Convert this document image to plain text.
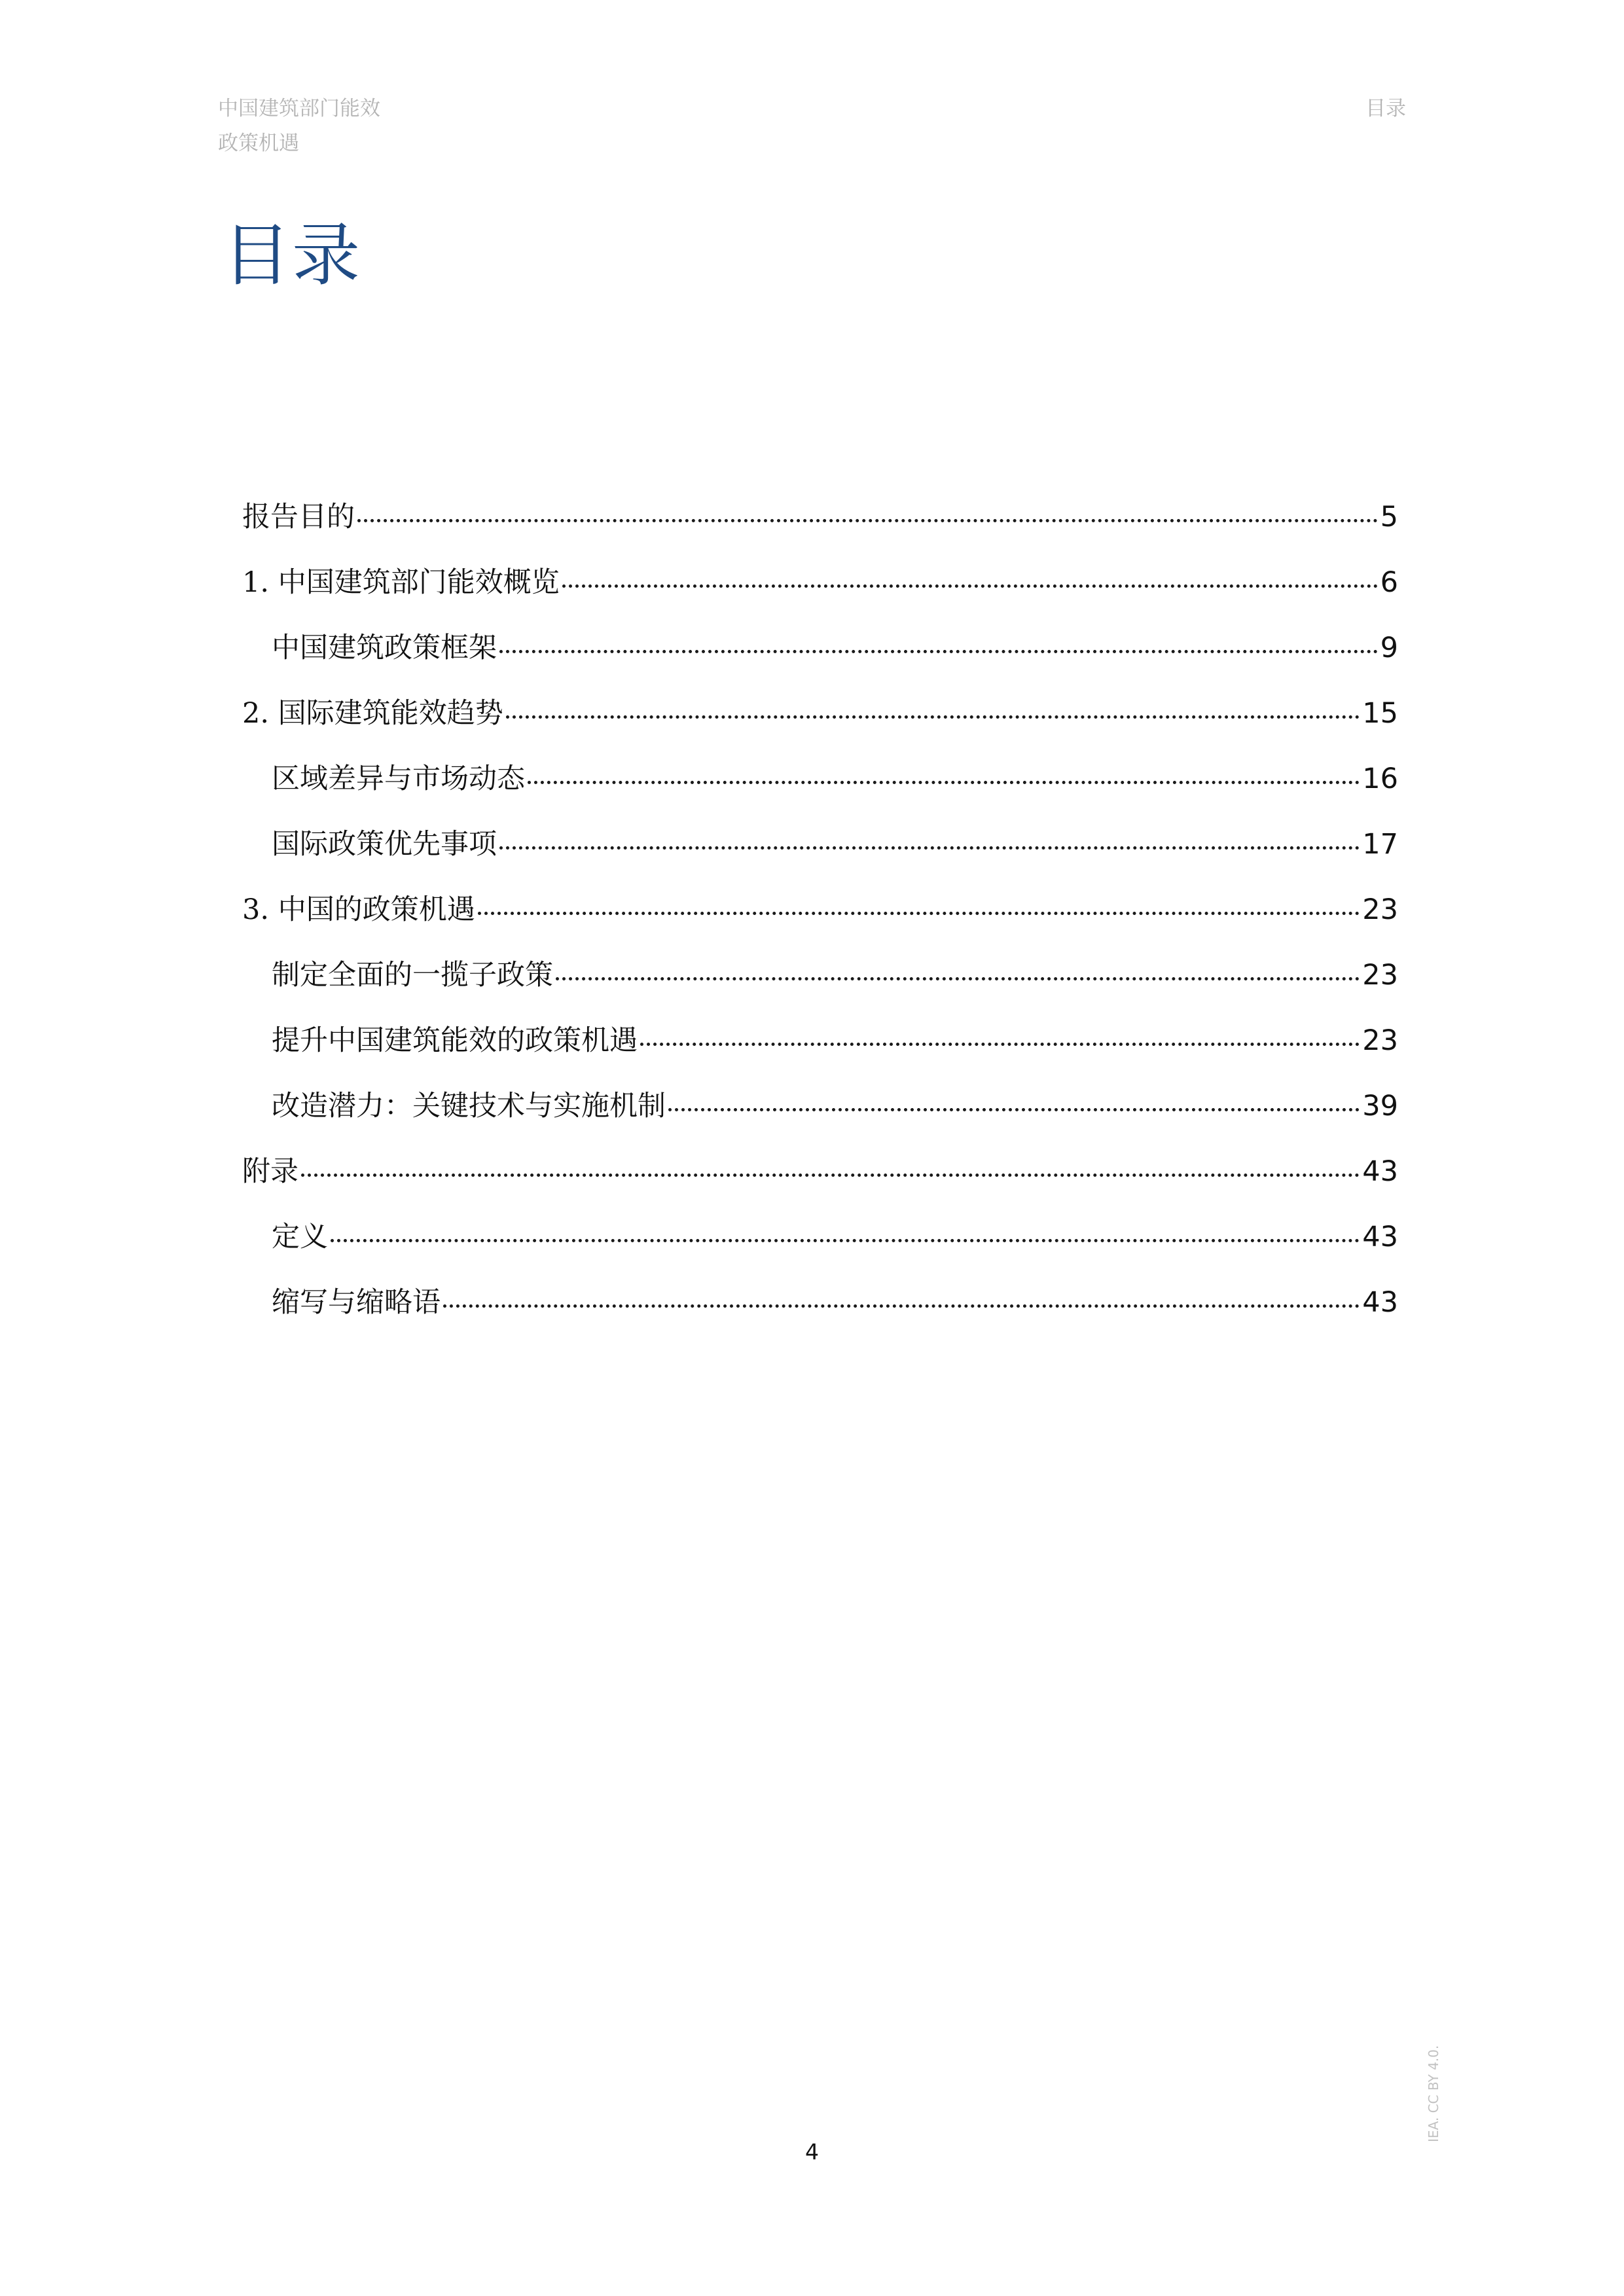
中国建筑部门能效
政策机遇
目录
目录
报告目的	5
1. 中国建筑部门能效概览	6
中国建筑政策框架	9
2. 国际建筑能效趋势	15
区域差异与市场动态	16
国际政策优先事项	17
3. 中国的政策机遇	23
制定全面的一揽子政策	23
提升中国建筑能效的政策机遇	23
改造潜力：关键技术与实施机制	39
附录	43
定义	43
缩写与缩略语	43
4
IEA. CC BY 4.0.
